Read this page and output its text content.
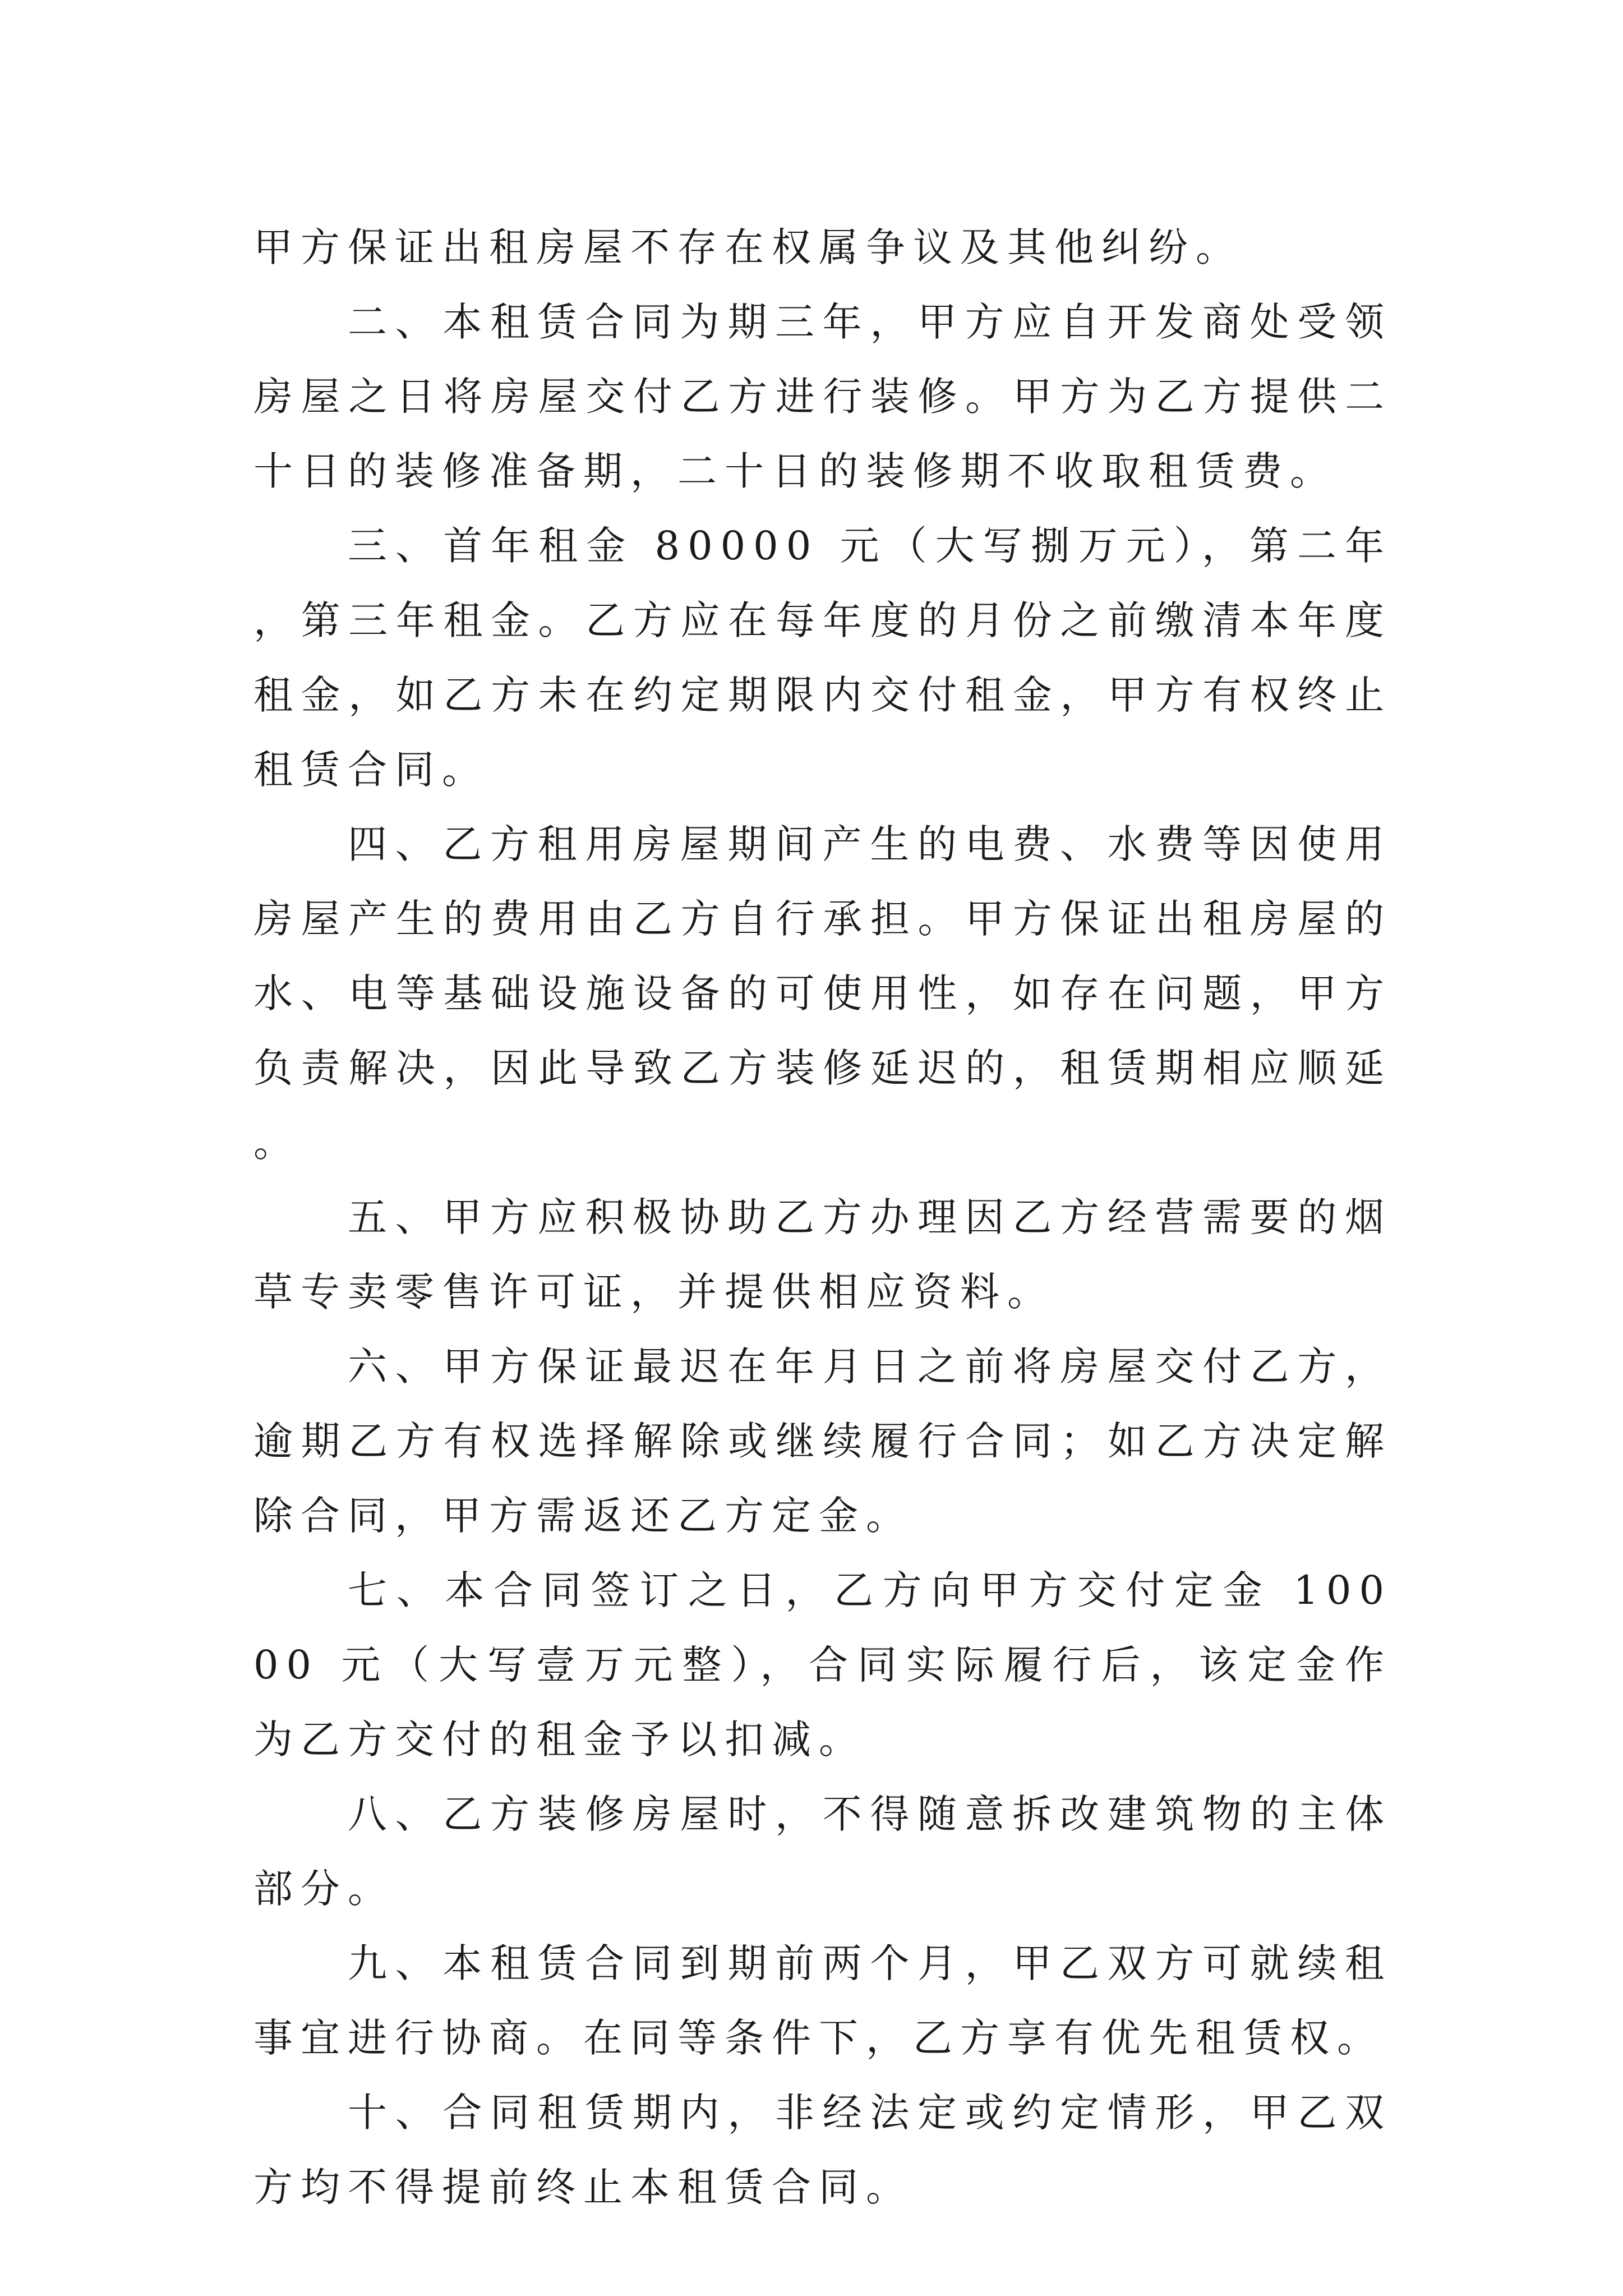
甲方保证出租房屋不存在权属争议及其他纠纷。

二、本租赁合同为期三年，甲方应自开发商处受领房屋之日将房屋交付乙方进行装修。甲方为乙方提供二十日的装修准备期，二十日的装修期不收取租赁费。

三、首年租金 80000 元（大写捌万元），第二年，第三年租金。乙方应在每年度的月份之前缴清本年度租金，如乙方未在约定期限内交付租金，甲方有权终止租赁合同。

四、乙方租用房屋期间产生的电费、水费等因使用房屋产生的费用由乙方自行承担。甲方保证出租房屋的水、电等基础设施设备的可使用性，如存在问题，甲方负责解决，因此导致乙方装修延迟的，租赁期相应顺延。

五、甲方应积极协助乙方办理因乙方经营需要的烟草专卖零售许可证，并提供相应资料。

六、甲方保证最迟在年月日之前将房屋交付乙方，逾期乙方有权选择解除或继续履行合同；如乙方决定解除合同，甲方需返还乙方定金。

七、本合同签订之日，乙方向甲方交付定金 10000 元（大写壹万元整），合同实际履行后，该定金作为乙方交付的租金予以扣减。

八、乙方装修房屋时，不得随意拆改建筑物的主体部分。

九、本租赁合同到期前两个月，甲乙双方可就续租事宜进行协商。在同等条件下，乙方享有优先租赁权。

十、合同租赁期内，非经法定或约定情形，甲乙双方均不得提前终止本租赁合同。
